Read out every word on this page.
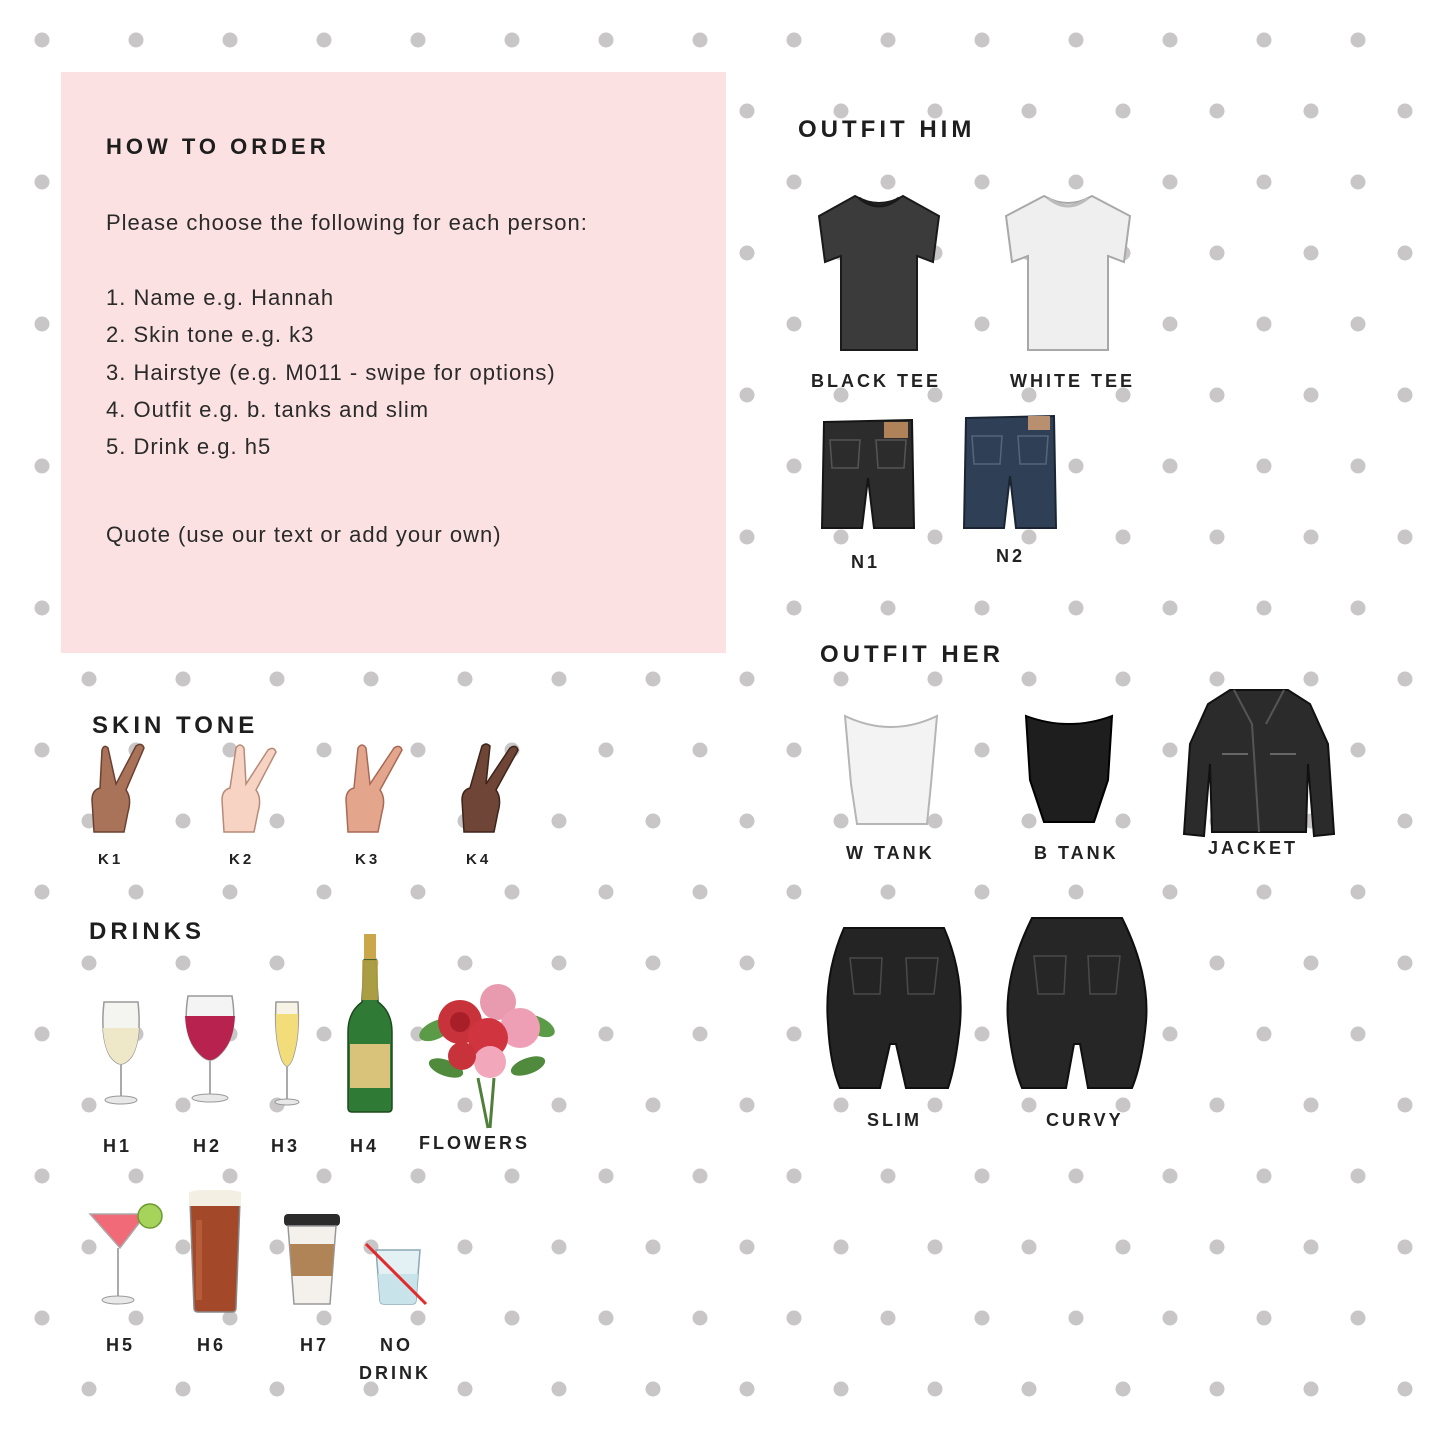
HOW TO ORDER
Please choose the following for each person:
1. Name e.g. Hannah
2. Skin tone e.g. k3
3. Hairstye (e.g. M011 - swipe for options)
4. Outfit e.g. b. tanks and slim
5. Drink e.g. h5
Quote (use our text or add your own)
SKIN TONE
K1	K2	K3	K4
DRINKS
H1	H2	H3	H4 FLOWERS
H5	H6	H7	NO
DRINK
OUTFIT HIM
BLACK TEE	WHITE TEE
N1	N2
OUTFIT HER
W TANK	B TANK	JACKET
SLIM	CURVY
